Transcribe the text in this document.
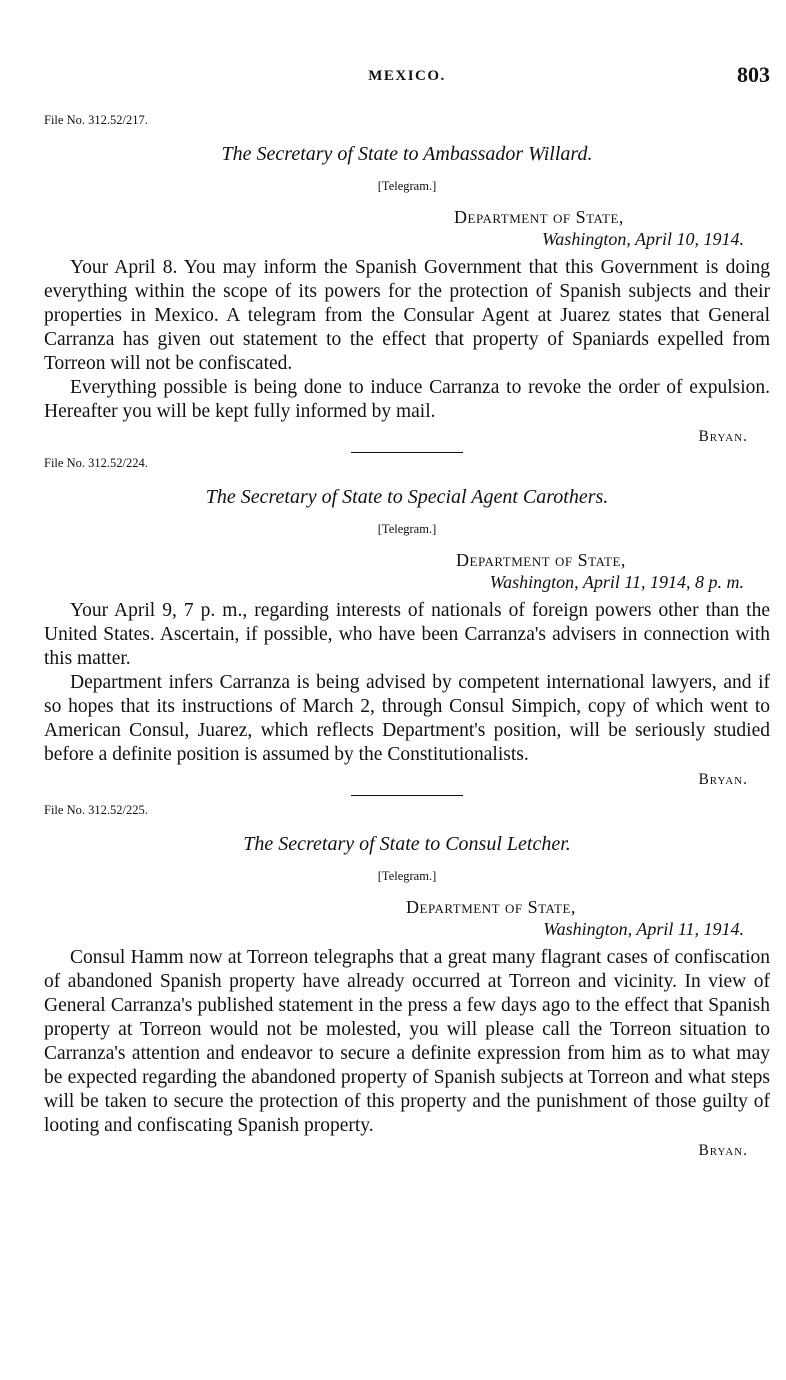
MEXICO.	803
File No. 312.52/217.
The Secretary of State to Ambassador Willard.
[Telegram.]
Department of State,
Washington, April 10, 1914.

Your April 8. You may inform the Spanish Government that this Government is doing everything within the scope of its powers for the protection of Spanish subjects and their properties in Mexico. A telegram from the Consular Agent at Juarez states that General Carranza has given out statement to the effect that property of Spaniards expelled from Torreon will not be confiscated.

Everything possible is being done to induce Carranza to revoke the order of expulsion. Hereafter you will be kept fully informed by mail.

Bryan.
File No. 312.52/224.
The Secretary of State to Special Agent Carothers.
[Telegram.]
Department of State,
Washington, April 11, 1914, 8 p. m.

Your April 9, 7 p. m., regarding interests of nationals of foreign powers other than the United States. Ascertain, if possible, who have been Carranza's advisers in connection with this matter.

Department infers Carranza is being advised by competent international lawyers, and if so hopes that its instructions of March 2, through Consul Simpich, copy of which went to American Consul, Juarez, which reflects Department's position, will be seriously studied before a definite position is assumed by the Constitutionalists.

Bryan.
File No. 312.52/225.
The Secretary of State to Consul Letcher.
[Telegram.]
Department of State,
Washington, April 11, 1914.

Consul Hamm now at Torreon telegraphs that a great many flagrant cases of confiscation of abandoned Spanish property have already occurred at Torreon and vicinity. In view of General Carranza's published statement in the press a few days ago to the effect that Spanish property at Torreon would not be molested, you will please call the Torreon situation to Carranza's attention and endeavor to secure a definite expression from him as to what may be expected regarding the abandoned property of Spanish subjects at Torreon and what steps will be taken to secure the protection of this property and the punishment of those guilty of looting and confiscating Spanish property.

Bryan.
